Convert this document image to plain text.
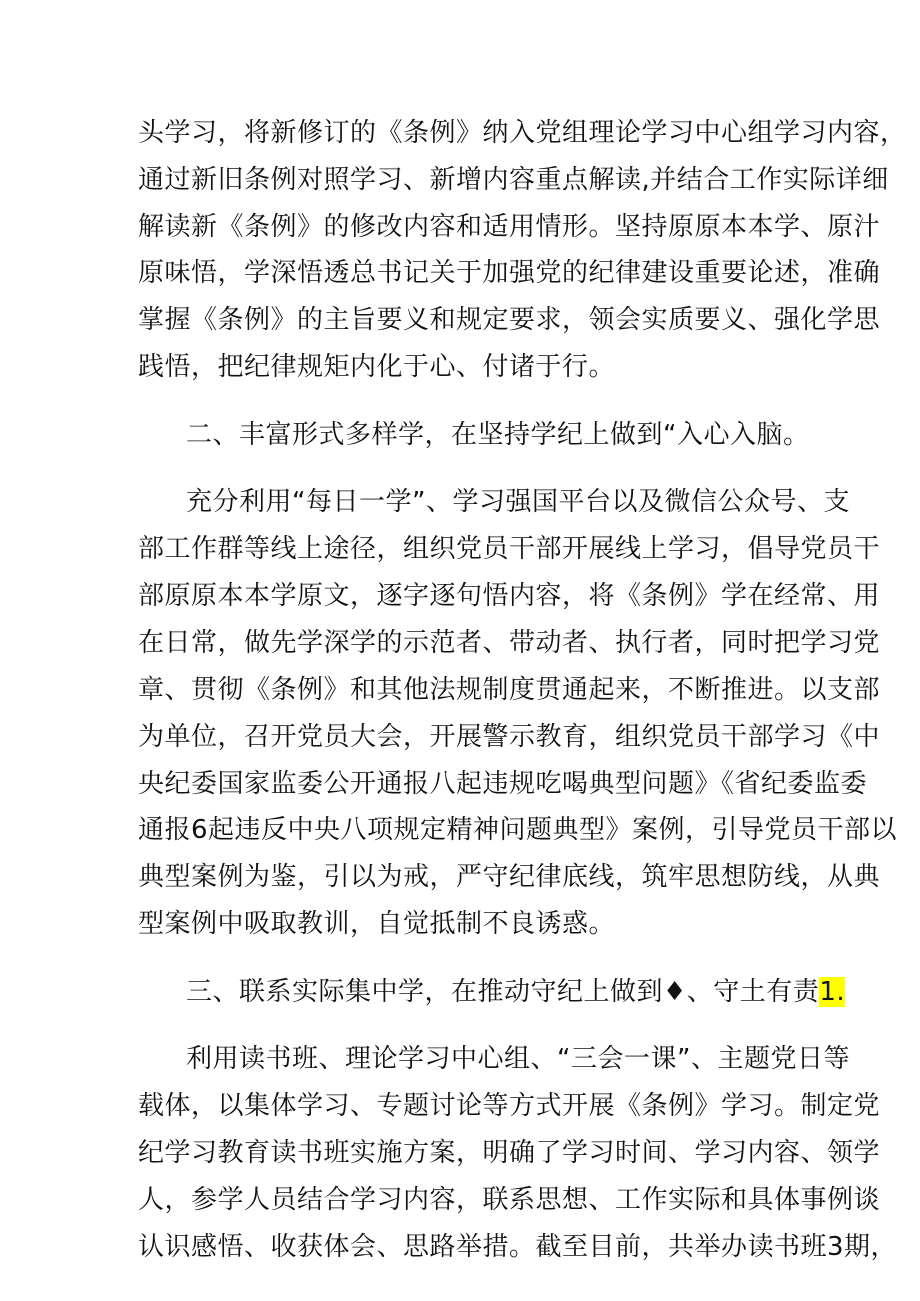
头学习，将新修订的《条例》纳入党组理论学习中心组学习内容，
通过新旧条例对照学习、新增内容重点解读,并结合工作实际详细
解读新《条例》的修改内容和适用情形。坚持原原本本学、原汁
原味悟，学深悟透总书记关于加强党的纪律建设重要论述，准确
掌握《条例》的主旨要义和规定要求，领会实质要义、强化学思
践悟，把纪律规矩内化于心、付诸于行。
二、丰富形式多样学，在坚持学纪上做到“入心入脑。
充分利用“每日一学”、学习强国平台以及微信公众号、支
部工作群等线上途径，组织党员干部开展线上学习，倡导党员干
部原原本本学原文，逐字逐句悟内容，将《条例》学在经常、用
在日常，做先学深学的示范者、带动者、执行者，同时把学习党
章、贯彻《条例》和其他法规制度贯通起来，不断推进。以支部
为单位，召开党员大会，开展警示教育，组织党员干部学习《中
央纪委国家监委公开通报八起违规吃喝典型问题》《省纪委监委
通报6起违反中央八项规定精神问题典型》案例，引导党员干部以
典型案例为鉴，引以为戒，严守纪律底线，筑牢思想防线，从典
型案例中吸取教训，自觉抵制不良诱惑。
三、联系实际集中学，在推动守纪上做到♦、守土有责1.
利用读书班、理论学习中心组、“三会一课”、主题党日等
载体，以集体学习、专题讨论等方式开展《条例》学习。制定党
纪学习教育读书班实施方案，明确了学习时间、学习内容、领学
人，参学人员结合学习内容，联系思想、工作实际和具体事例谈
认识感悟、收获体会、思路举措。截至目前，共举办读书班3期，
